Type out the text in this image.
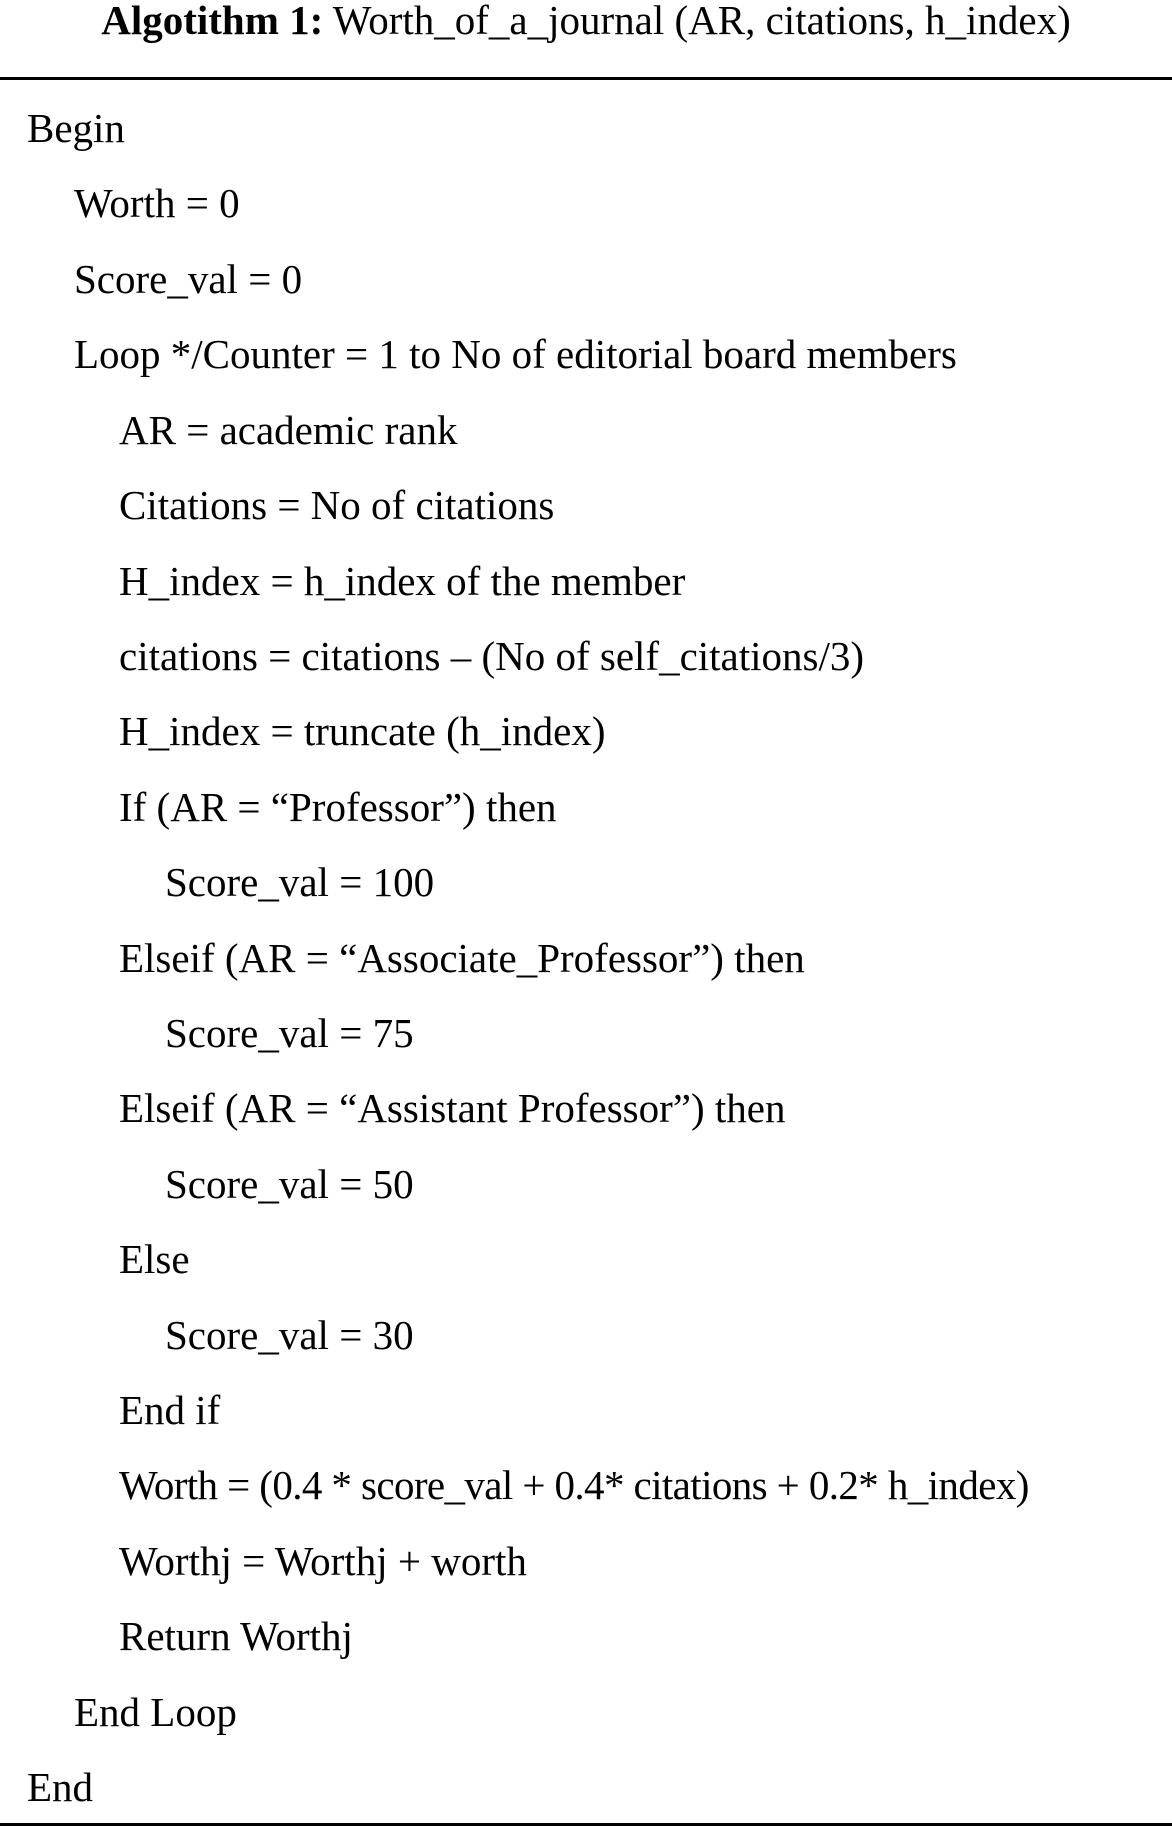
Algotithm 1: Worth_of_a_journal (AR, citations, h_index)
Begin
Worth = 0
Score_val = 0
Loop */Counter = 1 to No of editorial board members
AR = academic rank
Citations = No of citations
H_index = h_index of the member
citations = citations – (No of self_citations/3)
H_index = truncate (h_index)
If (AR = “Professor”) then
Score_val = 100
Elseif (AR = “Associate_Professor”) then
Score_val = 75
Elseif (AR = “Assistant Professor”) then
Score_val = 50
Else
Score_val = 30
End if
Worth = (0.4 * score_val + 0.4* citations + 0.2* h_index)
Worthj = Worthj + worth
Return Worthj
End Loop
End
